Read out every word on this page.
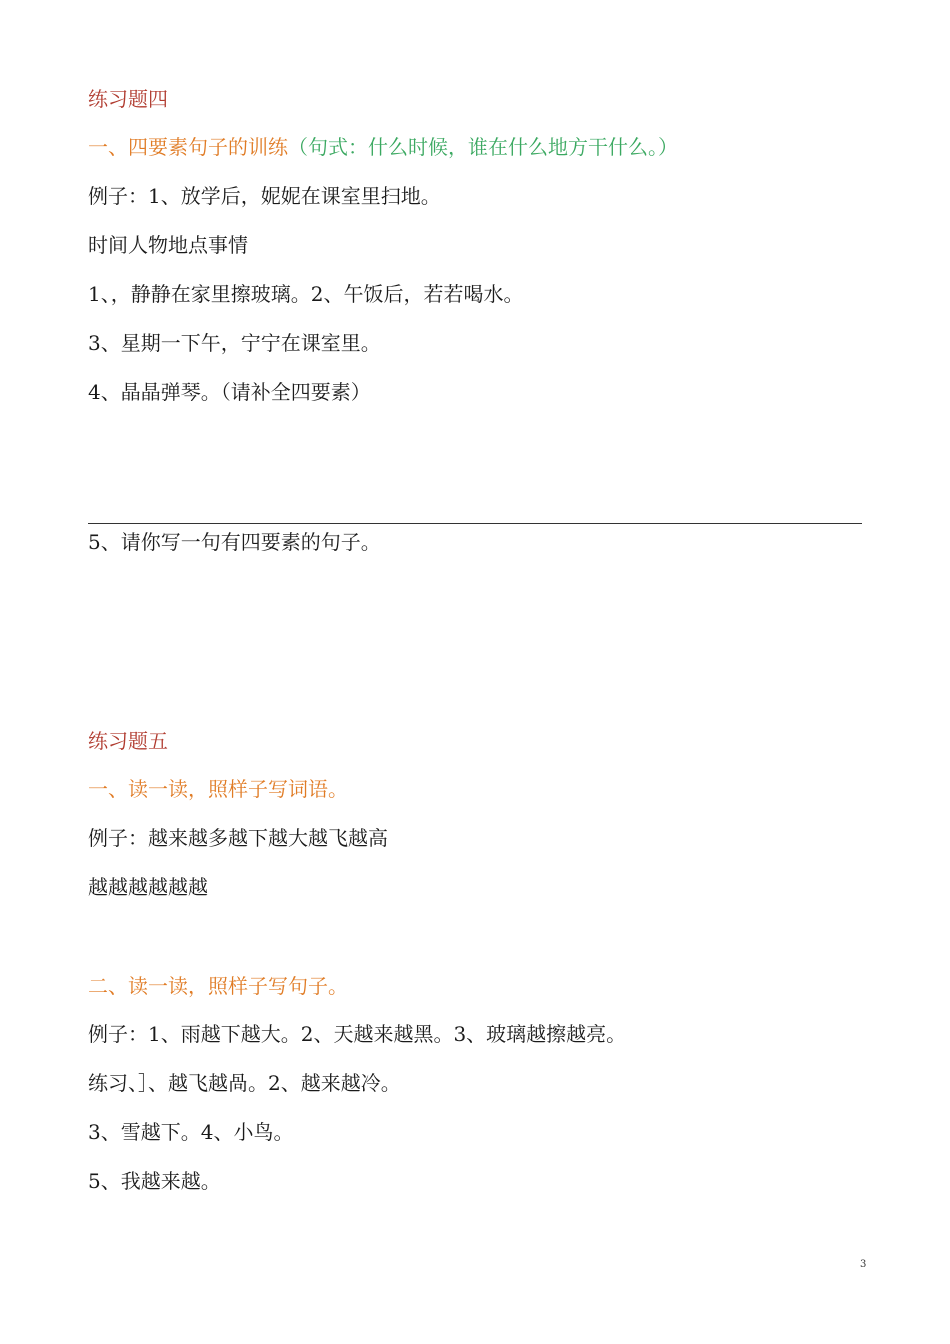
练习题四
一、四要素句子的训练（句式：什么时候，谁在什么地方干什么。）
例子：1、放学后，妮妮在课室里扫地。
时间人物地点事情
1、，静静在家里擦玻璃。2、午饭后，若若喝水。
3、星期一下午，宁宁在课室里。
4、晶晶弹琴。（请补全四要素）
5、请你写一句有四要素的句子。
练习题五
一、读一读，照样子写词语。
例子：越来越多越下越大越飞越高
越越越越越越
二、读一读，照样子写句子。
例子：1、雨越下越大。2、天越来越黑。3、玻璃越擦越亮。
练习、］、越飞越咼。2、越来越冷。
3、雪越下。4、小鸟。
5、我越来越。
3
